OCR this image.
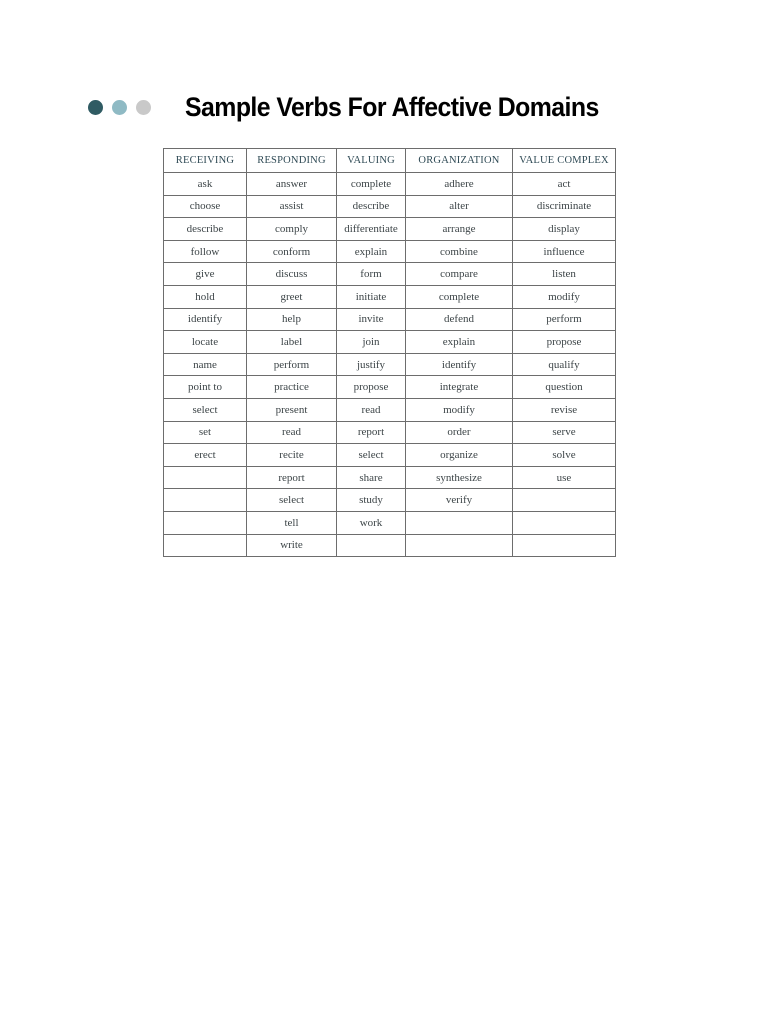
Sample Verbs For Affective Domains
RECEIVING	RESPONDING	VALUING	ORGANIZATION	VALUE COMPLEX
ask	answer	complete	adhere	act
choose	assist	describe	alter	discriminate
describe	comply	differentiate	arrange	display
follow	conform	explain	combine	influence
give	discuss	form	compare	listen
hold	greet	initiate	complete	modify
identify	help	invite	defend	perform
locate	label	join	explain	propose
name	perform	justify	identify	qualify
point to	practice	propose	integrate	question
select	present	read	modify	revise
set	read	report	order	serve
erect	recite	select	organize	solve
	report	share	synthesize	use
	select	study	verify	
	tell	work		
	write			
